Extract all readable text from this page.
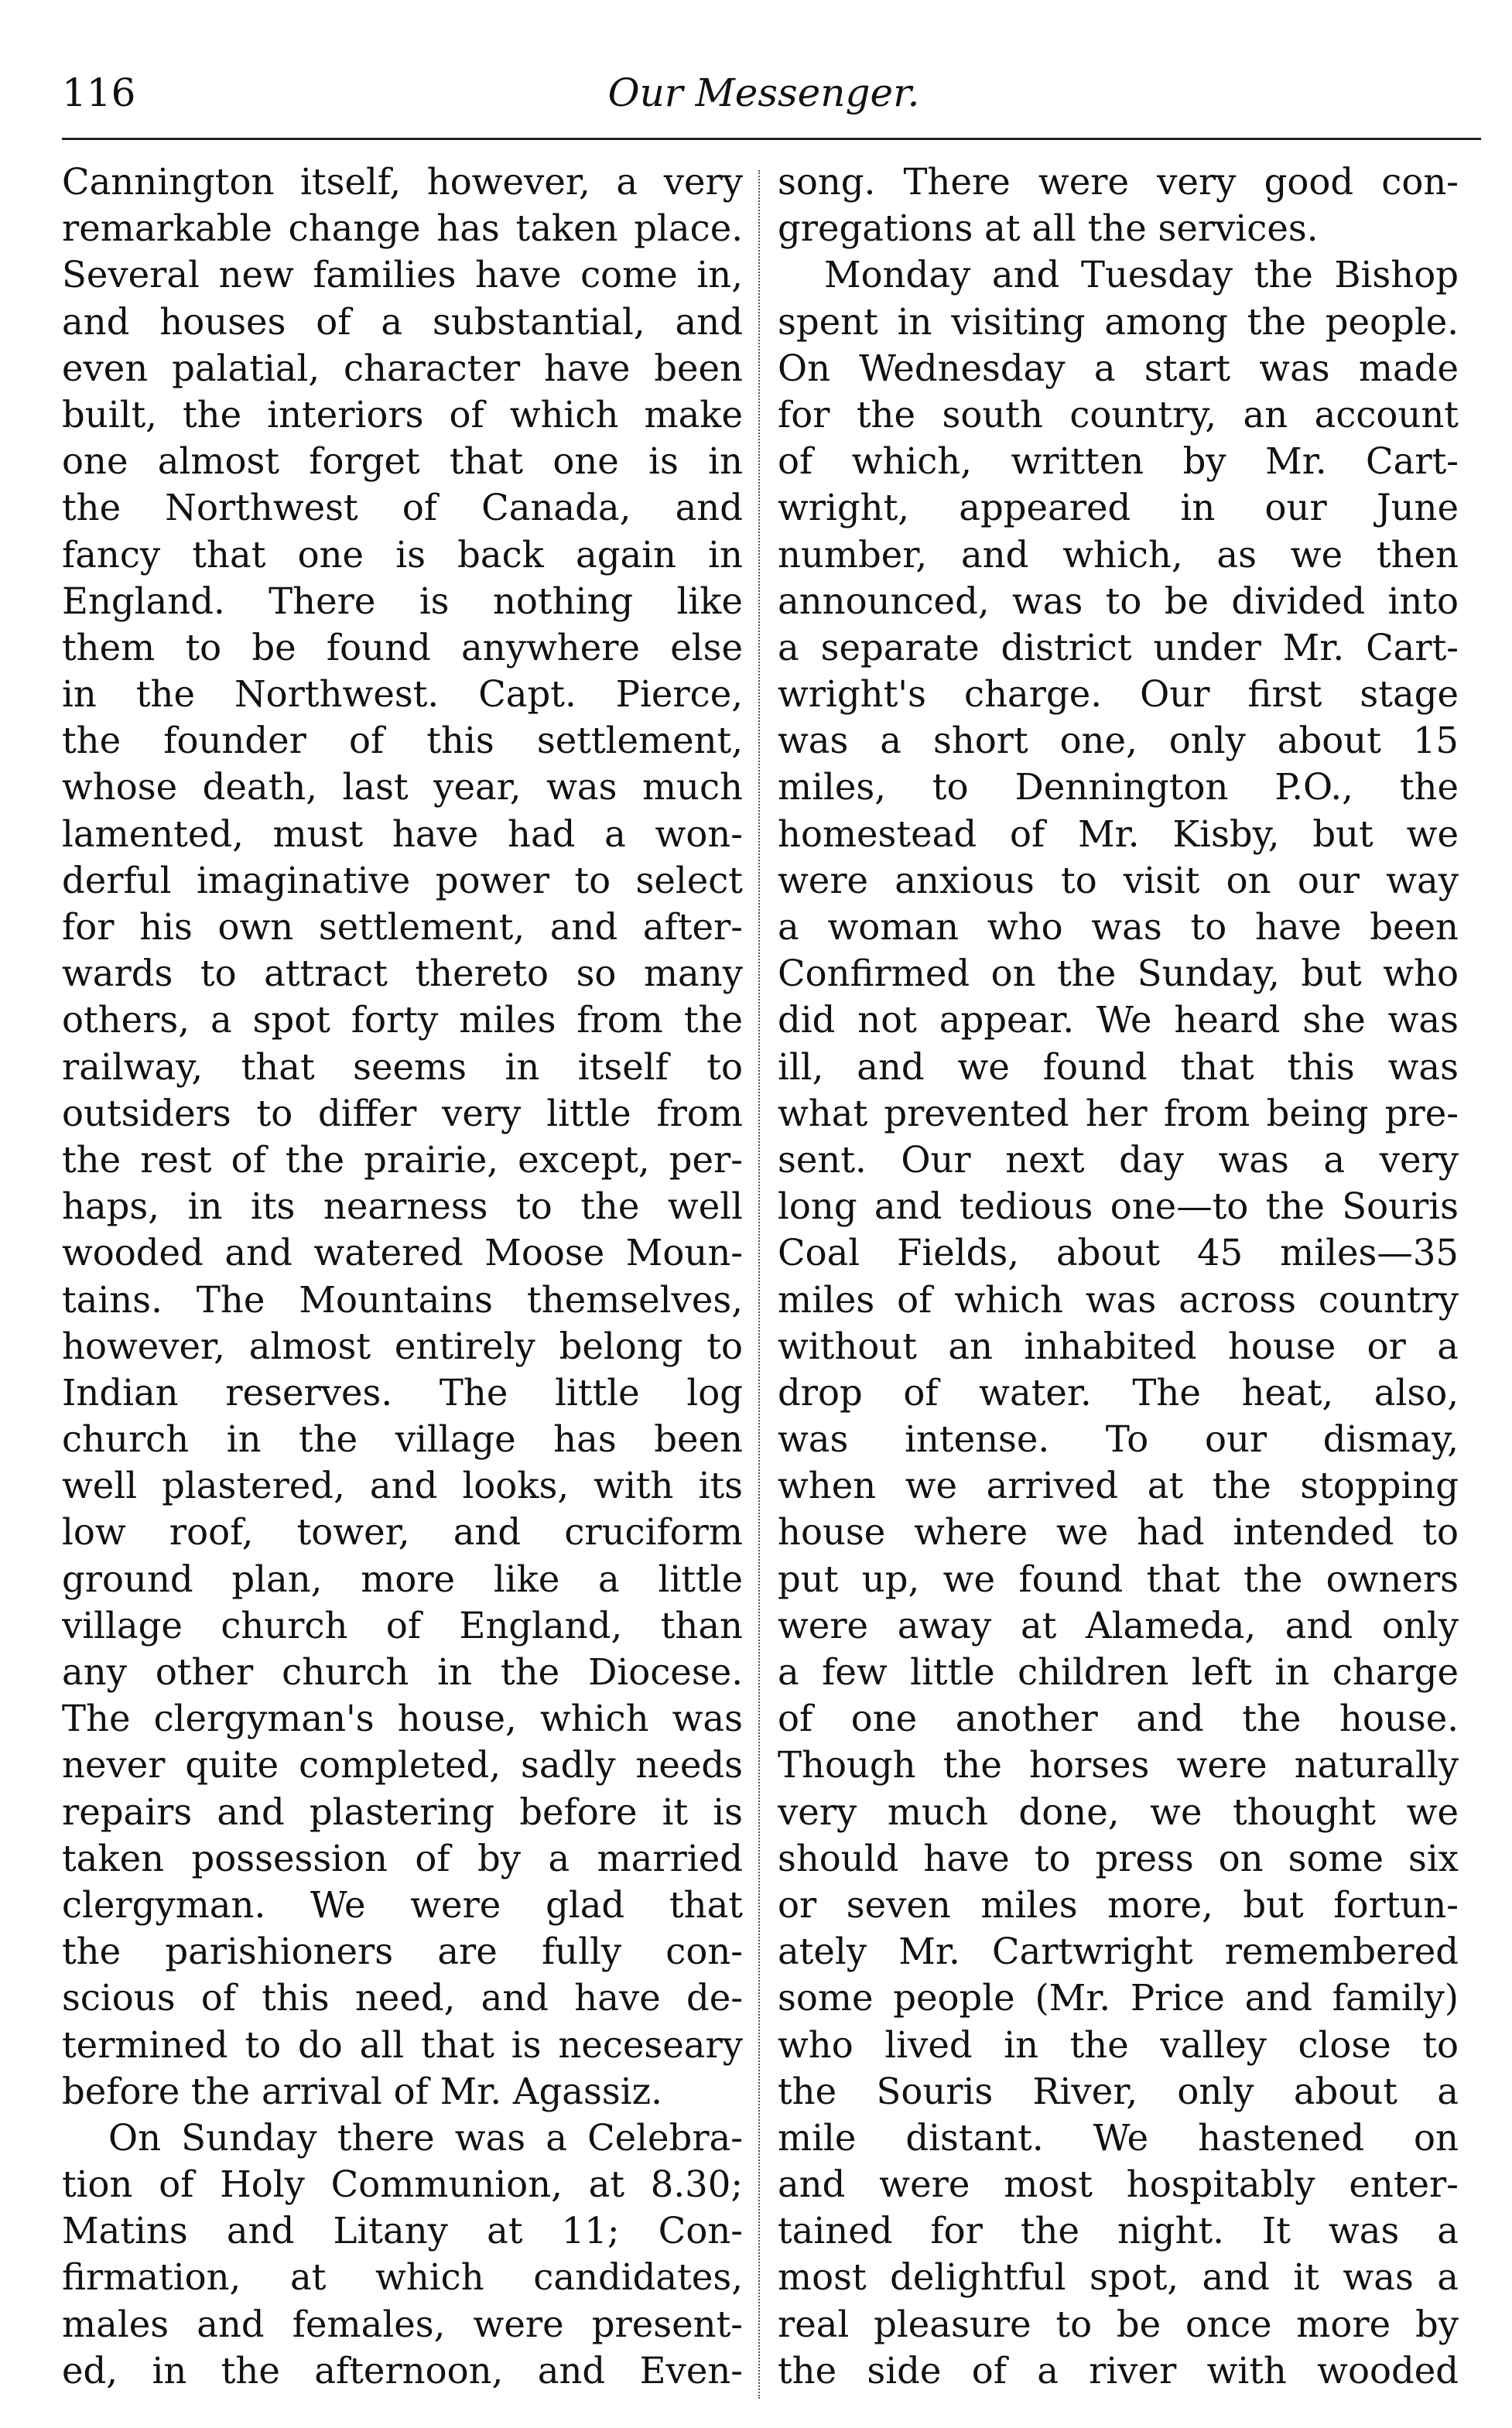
116	Our Messenger.
Cannington itself, however, a very
remarkable change has taken place.
Several new families have come in,
and houses of a substantial, and
even palatial, character have been
built, the interiors of which make
one almost forget that one is in
the Northwest of Canada, and
fancy that one is back again in
England. There is nothing like
them to be found anywhere else
in the Northwest. Capt. Pierce,
the founder of this settlement,
whose death, last year, was much
lamented, must have had a won-
derful imaginative power to select
for his own settlement, and after-
wards to attract thereto so many
others, a spot forty miles from the
railway, that seems in itself to
outsiders to differ very little from
the rest of the prairie, except, per-
haps, in its nearness to the well
wooded and watered Moose Moun-
tains. The Mountains themselves,
however, almost entirely belong to
Indian reserves. The little log
church in the village has been
well plastered, and looks, with its
low roof, tower, and cruciform
ground plan, more like a little
village church of England, than
any other church in the Diocese.
The clergyman's house, which was
never quite completed, sadly needs
repairs and plastering before it is
taken possession of by a married
clergyman. We were glad that
the parishioners are fully con-
scious of this need, and have de-
termined to do all that is neceseary
before the arrival of Mr. Agassiz.
On Sunday there was a Celebra-
tion of Holy Communion, at 8.30;
Matins and Litany at 11; Con-
firmation, at which candidates,
males and females, were present-
ed, in the afternoon, and Even-
song. There were very good con-
gregations at all the services.
Monday and Tuesday the Bishop
spent in visiting among the people.
On Wednesday a start was made
for the south country, an account
of which, written by Mr. Cart-
wright, appeared in our June
number, and which, as we then
announced, was to be divided into
a separate district under Mr. Cart-
wright's charge. Our first stage
was a short one, only about 15
miles, to Dennington P.O., the
homestead of Mr. Kisby, but we
were anxious to visit on our way
a woman who was to have been
Confirmed on the Sunday, but who
did not appear. We heard she was
ill, and we found that this was
what prevented her from being pre-
sent. Our next day was a very
long and tedious one—to the Souris
Coal Fields, about 45 miles—35
miles of which was across country
without an inhabited house or a
drop of water. The heat, also,
was intense. To our dismay,
when we arrived at the stopping
house where we had intended to
put up, we found that the owners
were away at Alameda, and only
a few little children left in charge
of one another and the house.
Though the horses were naturally
very much done, we thought we
should have to press on some six
or seven miles more, but fortun-
ately Mr. Cartwright remembered
some people (Mr. Price and family)
who lived in the valley close to
the Souris River, only about a
mile distant. We hastened on
and were most hospitably enter-
tained for the night. It was a
most delightful spot, and it was a
real pleasure to be once more by
the side of a river with wooded
